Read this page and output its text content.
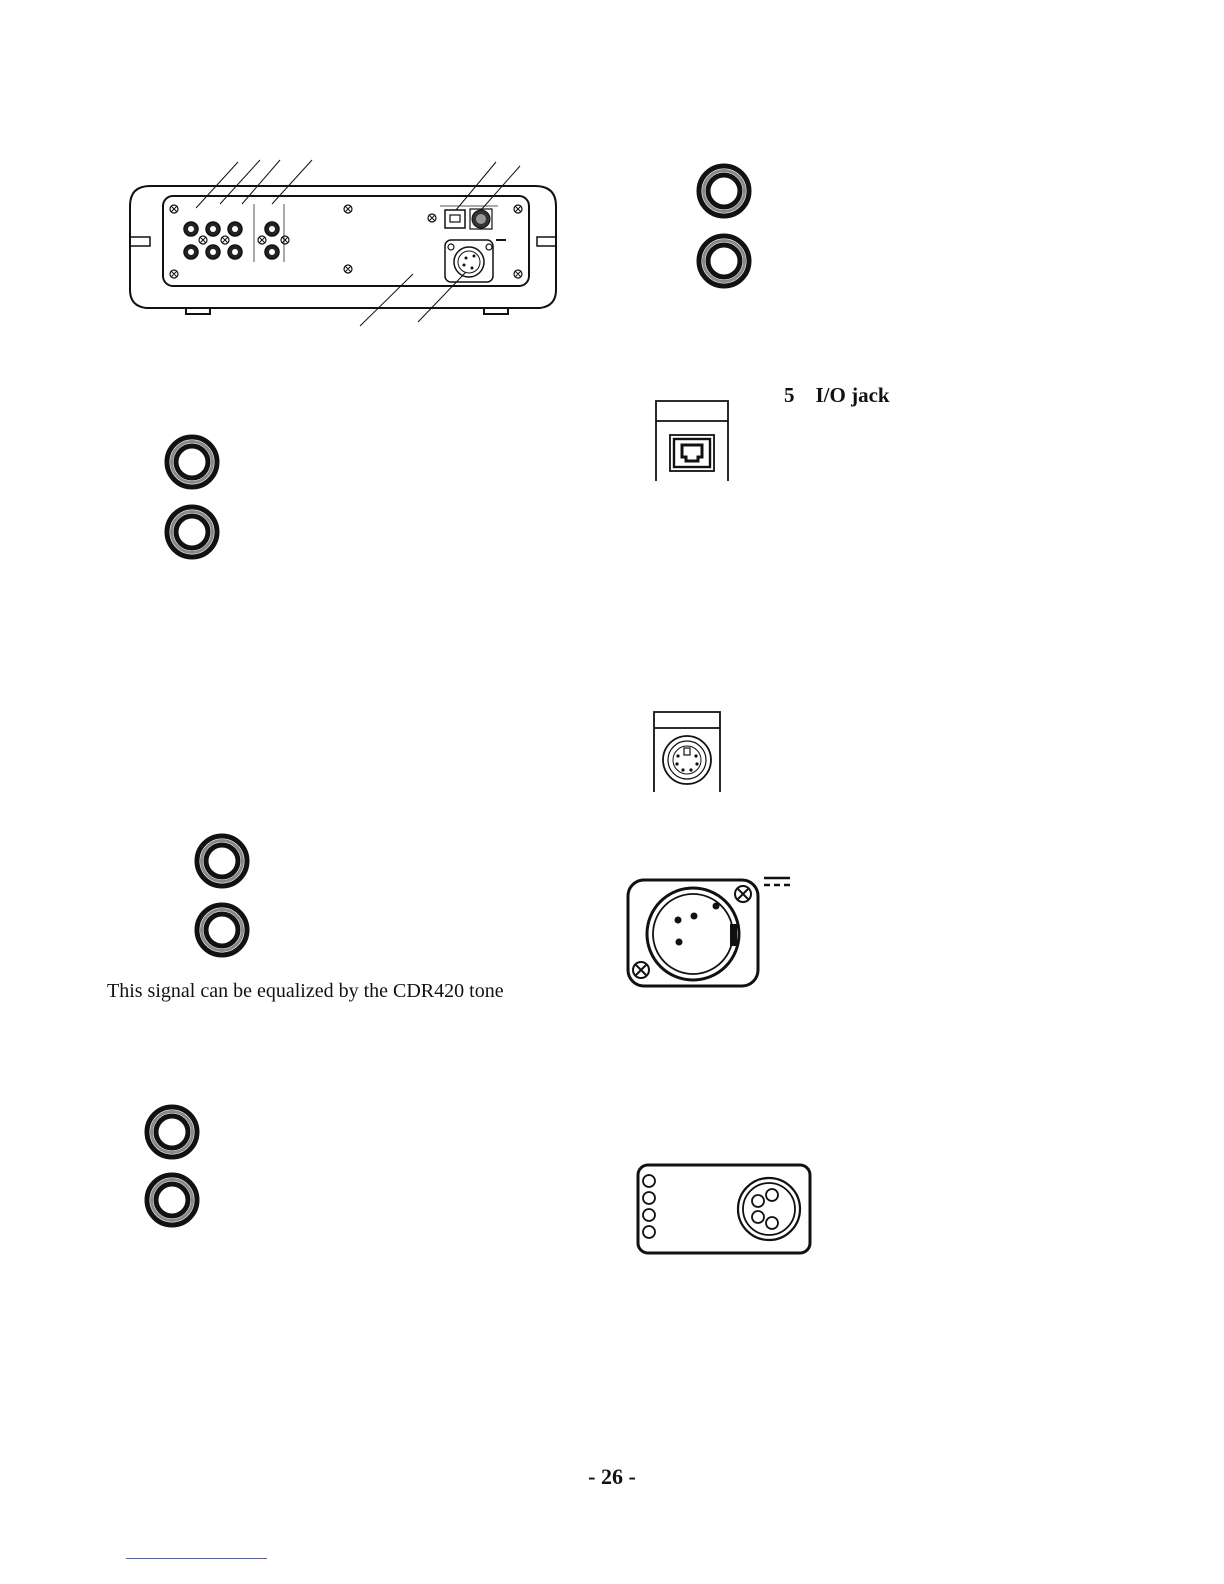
5 I/O jack
This signal can be equalized by the CDR420 tone
- 26 -
